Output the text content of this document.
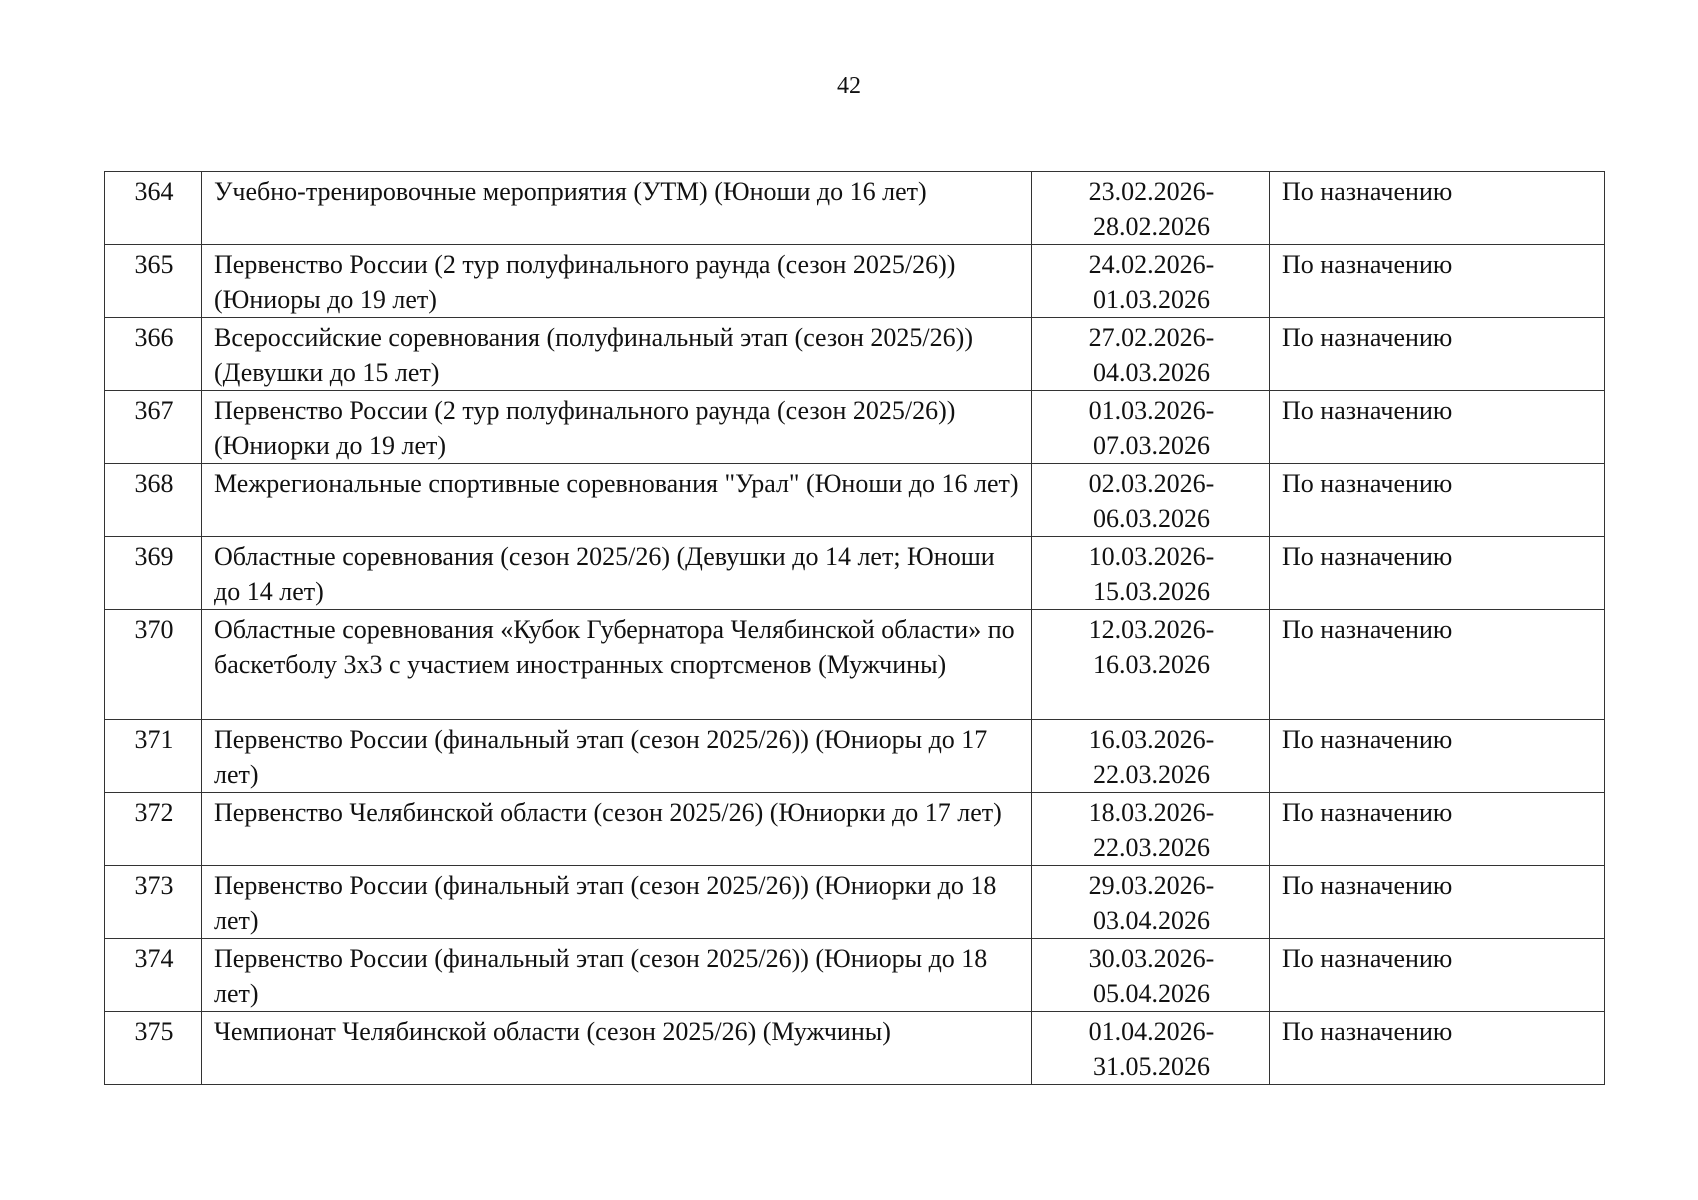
42
364	Учебно-тренировочные мероприятия (УТМ) (Юноши до 16 лет)	23.02.2026-
28.02.2026	По назначению
365	Первенство России (2 тур полуфинального раунда (сезон 2025/26)) (Юниоры до 19 лет)	24.02.2026-
01.03.2026	По назначению
366	Всероссийские соревнования (полуфинальный этап (сезон 2025/26)) (Девушки до 15 лет)	27.02.2026-
04.03.2026	По назначению
367	Первенство России (2 тур полуфинального раунда (сезон 2025/26)) (Юниорки до 19 лет)	01.03.2026-
07.03.2026	По назначению
368	Межрегиональные спортивные соревнования "Урал" (Юноши до 16 лет)	02.03.2026-
06.03.2026	По назначению
369	Областные соревнования (сезон 2025/26) (Девушки до 14 лет; Юноши до 14 лет)	10.03.2026-
15.03.2026	По назначению
370	Областные соревнования «Кубок Губернатора Челябинской области» по баскетболу 3х3 с участием иностранных спортсменов (Мужчины)	12.03.2026-
16.03.2026	По назначению
371	Первенство России (финальный этап (сезон 2025/26)) (Юниоры до 17 лет)	16.03.2026-
22.03.2026	По назначению
372	Первенство Челябинской области (сезон 2025/26) (Юниорки до 17 лет)	18.03.2026-
22.03.2026	По назначению
373	Первенство России (финальный этап (сезон 2025/26)) (Юниорки до 18 лет)	29.03.2026-
03.04.2026	По назначению
374	Первенство России (финальный этап (сезон 2025/26)) (Юниоры до 18 лет)	30.03.2026-
05.04.2026	По назначению
375	Чемпионат Челябинской области (сезон 2025/26) (Мужчины)	01.04.2026-
31.05.2026	По назначению
